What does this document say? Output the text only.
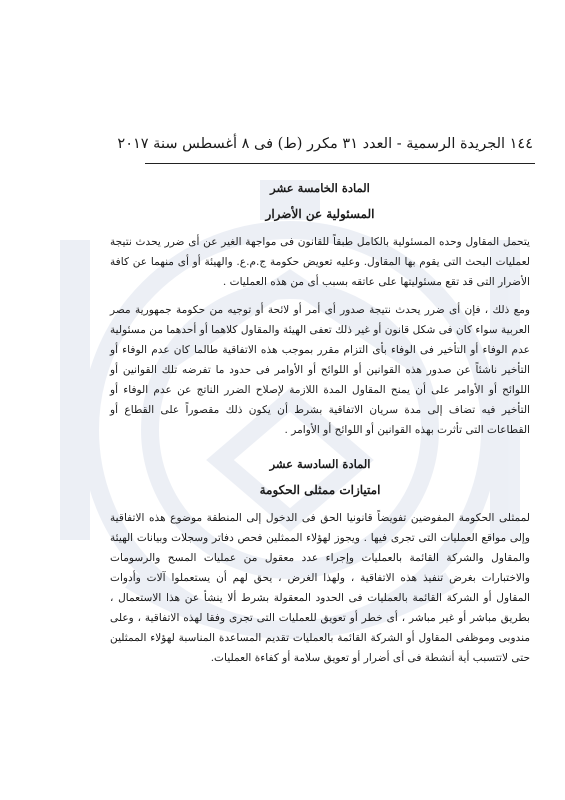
١٤٤ الجريدة الرسمية - العدد ٣١ مكرر (ط) فى ٨ أغسطس سنة ٢٠١٧
المادة الخامسة عشر
المسئولية عن الأضرار

يتحمل المقاول وحده المسئولية بالكامل طبقاً للقانون فى مواجهة الغير عن أى ضرر يحدث نتيجة لعمليات البحث التى يقوم بها المقاول. وعليه تعويض حكومة ج.م.ع. والهيئة أو أى منهما عن كافة الأضرار التى قد تقع مسئوليتها على عاتقه بسبب أى من هذه العمليات .

ومع ذلك ، فإن أى ضرر يحدث نتيجة صدور أى أمر أو لائحة أو توجيه من حكومة جمهورية مصر العربية سواء كان فى شكل قانون أو غير ذلك تعفى الهيئة والمقاول كلاهما أو أحدهما من مسئولية عدم الوفاء أو التأخير فى الوفاء بأى التزام مقرر بموجب هذه الاتفاقية طالما كان عدم الوفاء أو التأخير ناشئاً عن صدور هذه القوانين أو اللوائح أو الأوامر فى حدود ما تفرضه تلك القوانين أو اللوائح أو الأوامر على أن يمنح المقاول المدة اللازمة لإصلاح الضرر الناتج عن عدم الوفاء أو التأخير فيه تضاف إلى مدة سريان الاتفاقية بشرط أن يكون ذلك مقصوراً على القطاع أو القطاعات التى تأثرت بهذه القوانين أو اللوائح أو الأوامر .

المادة السادسة عشر
امتيازات ممثلى الحكومة

لممثلى الحكومة المفوضين تفويضاً قانونيا الحق فى الدخول إلى المنطقة موضوع هذه الاتفاقية وإلى مواقع العمليات التى تجرى فيها . ويجوز لهؤلاء الممثلين فحص دفاتر وسجلات وبيانات الهيئة والمقاول والشركة القائمة بالعمليات وإجراء عدد معقول من عمليات المسح والرسومات والاختبارات بغرض تنفيذ هذه الاتفاقية ، ولهذا الغرض ، يحق لهم أن يستعملوا آلات وأدوات المقاول أو الشركة القائمة بالعمليات فى الحدود المعقولة بشرط ألا ينشأ عن هذا الاستعمال ، بطريق مباشر أو غير مباشر ، أى خطر أو تعويق للعمليات التى تجرى وفقا لهذه الاتفاقية ، وعلى مندوبى وموظفى المقاول أو الشركة القائمة بالعمليات تقديم المساعدة المناسبة لهؤلاء الممثلين حتى لاتتسبب أية أنشطة فى أى أضرار أو تعويق سلامة أو كفاءة العمليات.
